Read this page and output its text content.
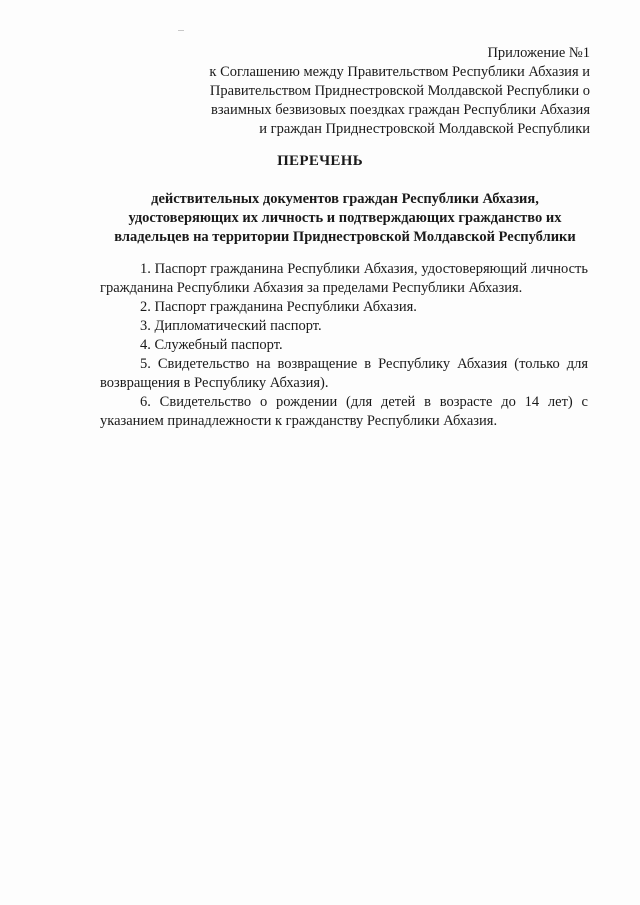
Приложение №1
к Соглашению между Правительством Республики Абхазия и
Правительством Приднестровской Молдавской Республики о
взаимных безвизовых поездках граждан Республики Абхазия
и граждан Приднестровской Молдавской Республики
ПЕРЕЧЕНЬ
действительных документов граждан Республики Абхазия,
удостоверяющих их личность и подтверждающих гражданство их
владельцев на территории Приднестровской Молдавской Республики
1. Паспорт гражданина Республики Абхазия, удостоверяющий личность гражданина Республики Абхазия за пределами Республики Абхазия.
2. Паспорт гражданина Республики Абхазия.
3. Дипломатический паспорт.
4. Служебный паспорт.
5. Свидетельство на возвращение в Республику Абхазия (только для возвращения в Республику Абхазия).
6. Свидетельство о рождении (для детей в возрасте до 14 лет) с указанием принадлежности к гражданству Республики Абхазия.
